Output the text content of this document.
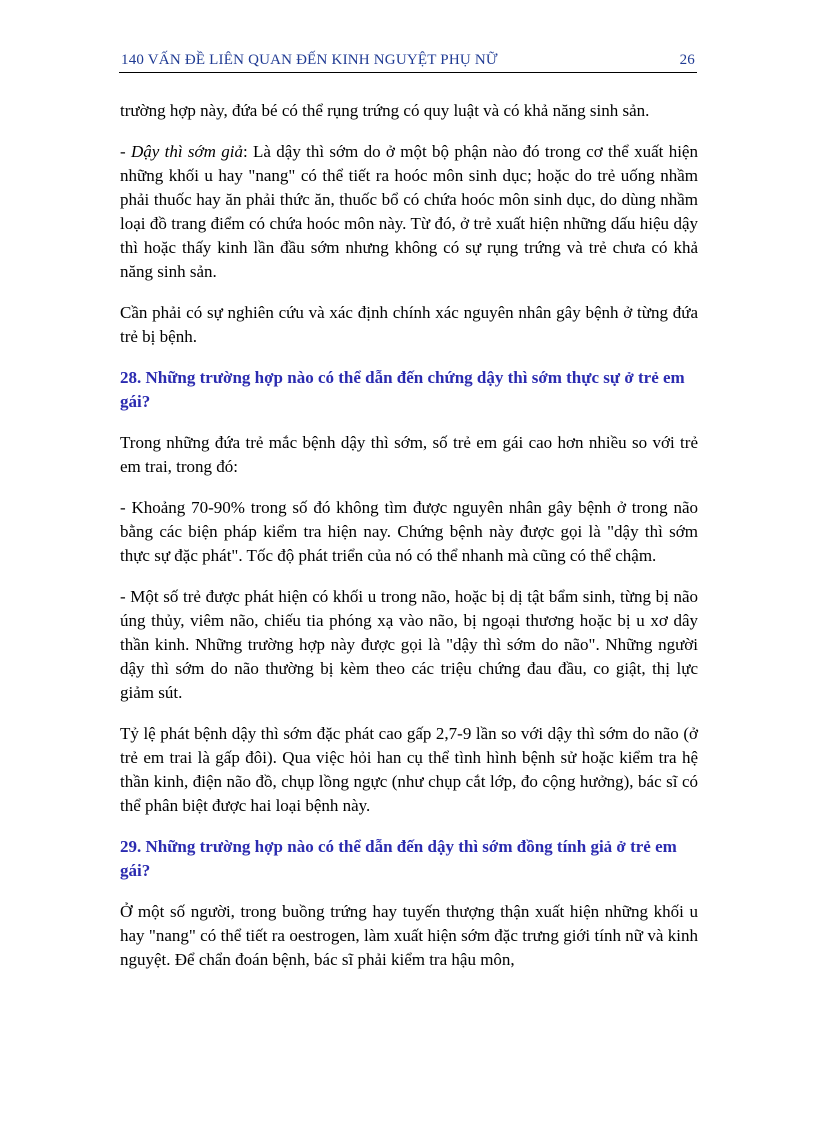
140 VẤN ĐỀ LIÊN QUAN ĐẾN KINH NGUYỆT PHỤ NỮ	26

trường hợp này, đứa bé có thể rụng trứng có quy luật và có khả năng sinh sản.

- Dậy thì sớm giả: Là dậy thì sớm do ở một bộ phận nào đó trong cơ thể xuất hiện những khối u hay "nang" có thể tiết ra hoóc môn sinh dục; hoặc do trẻ uống nhầm phải thuốc hay ăn phải thức ăn, thuốc bổ có chứa hoóc môn sinh dục, do dùng nhầm loại đồ trang điểm có chứa hoóc môn này. Từ đó, ở trẻ xuất hiện những dấu hiệu dậy thì hoặc thấy kinh lần đầu sớm nhưng không có sự rụng trứng và trẻ chưa có khả năng sinh sản.

Cần phải có sự nghiên cứu và xác định chính xác nguyên nhân gây bệnh ở từng đứa trẻ bị bệnh.

28. Những trường hợp nào có thể dẫn đến chứng dậy thì sớm thực sự ở trẻ em gái?

Trong những đứa trẻ mắc bệnh dậy thì sớm, số trẻ em gái cao hơn nhiều so với trẻ em trai, trong đó:

- Khoảng 70-90% trong số đó không tìm được nguyên nhân gây bệnh ở trong não bằng các biện pháp kiểm tra hiện nay. Chứng bệnh này được gọi là "dậy thì sớm thực sự đặc phát". Tốc độ phát triển của nó có thể nhanh mà cũng có thể chậm.

- Một số trẻ được phát hiện có khối u trong não, hoặc bị dị tật bẩm sinh, từng bị não úng thủy, viêm não, chiếu tia phóng xạ vào não, bị ngoại thương hoặc bị u xơ dây thần kinh. Những trường hợp này được gọi là "dậy thì sớm do não". Những người dậy thì sớm do não thường bị kèm theo các triệu chứng đau đầu, co giật, thị lực giảm sút.

Tỷ lệ phát bệnh dậy thì sớm đặc phát cao gấp 2,7-9 lần so với dậy thì sớm do não (ở trẻ em trai là gấp đôi). Qua việc hỏi han cụ thể tình hình bệnh sử hoặc kiểm tra hệ thần kinh, điện não đồ, chụp lồng ngực (như chụp cắt lớp, đo cộng hưởng), bác sĩ có thể phân biệt được hai loại bệnh này.

29. Những trường hợp nào có thể dẫn đến dậy thì sớm đồng tính giả ở trẻ em gái?

Ở một số người, trong buồng trứng hay tuyến thượng thận xuất hiện những khối u hay "nang" có thể tiết ra oestrogen, làm xuất hiện sớm đặc trưng giới tính nữ và kinh nguyệt. Để chẩn đoán bệnh, bác sĩ phải kiểm tra hậu môn,
